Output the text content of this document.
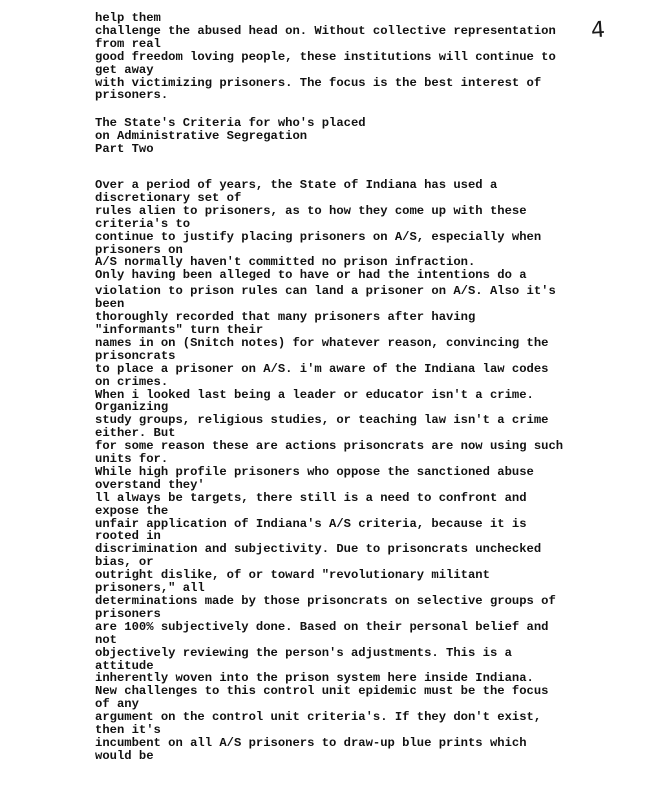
4
help them
challenge the abused head on. Without collective representation
from real
good freedom loving people, these institutions will continue to
get away
with victimizing prisoners. The focus is the best interest of
prisoners.
The State's Criteria for who's placed
on Administrative Segregation
Part Two
Over a period of years, the State of Indiana has used a
discretionary set of
rules alien to prisoners, as to how they come up with these
criteria's to
continue to justify placing prisoners on A/S, especially when
prisoners on
A/S normally haven't committed no prison infraction.
Only having been alleged to have or had the intentions do a
violation to prison rules can land a prisoner on A/S. Also it's
been
thoroughly recorded that many prisoners after having
"informants" turn their
names in on (Snitch notes) for whatever reason, convincing the
prisoncrats
to place a prisoner on A/S. i'm aware of the Indiana law codes
on crimes.
When i looked last being a leader or educator isn't a crime.
Organizing
study groups, religious studies, or teaching law isn't a crime
either. But
for some reason these are actions prisoncrats are now using such
units for.
While high profile prisoners who oppose the sanctioned abuse
overstand they'
ll always be targets, there still is a need to confront and
expose the
unfair application of Indiana's A/S criteria, because it is
rooted in
discrimination and subjectivity. Due to prisoncrats unchecked
bias, or
outright dislike, of or toward "revolutionary militant
prisoners," all
determinations made by those prisoncrats on selective groups of
prisoners
are 100% subjectively done. Based on their personal belief and
not
objectively reviewing the person's adjustments. This is a
attitude
inherently woven into the prison system here inside Indiana.
New challenges to this control unit epidemic must be the focus
of any
argument on the control unit criteria's. If they don't exist,
then it's
incumbent on all A/S prisoners to draw-up blue prints which
would be
